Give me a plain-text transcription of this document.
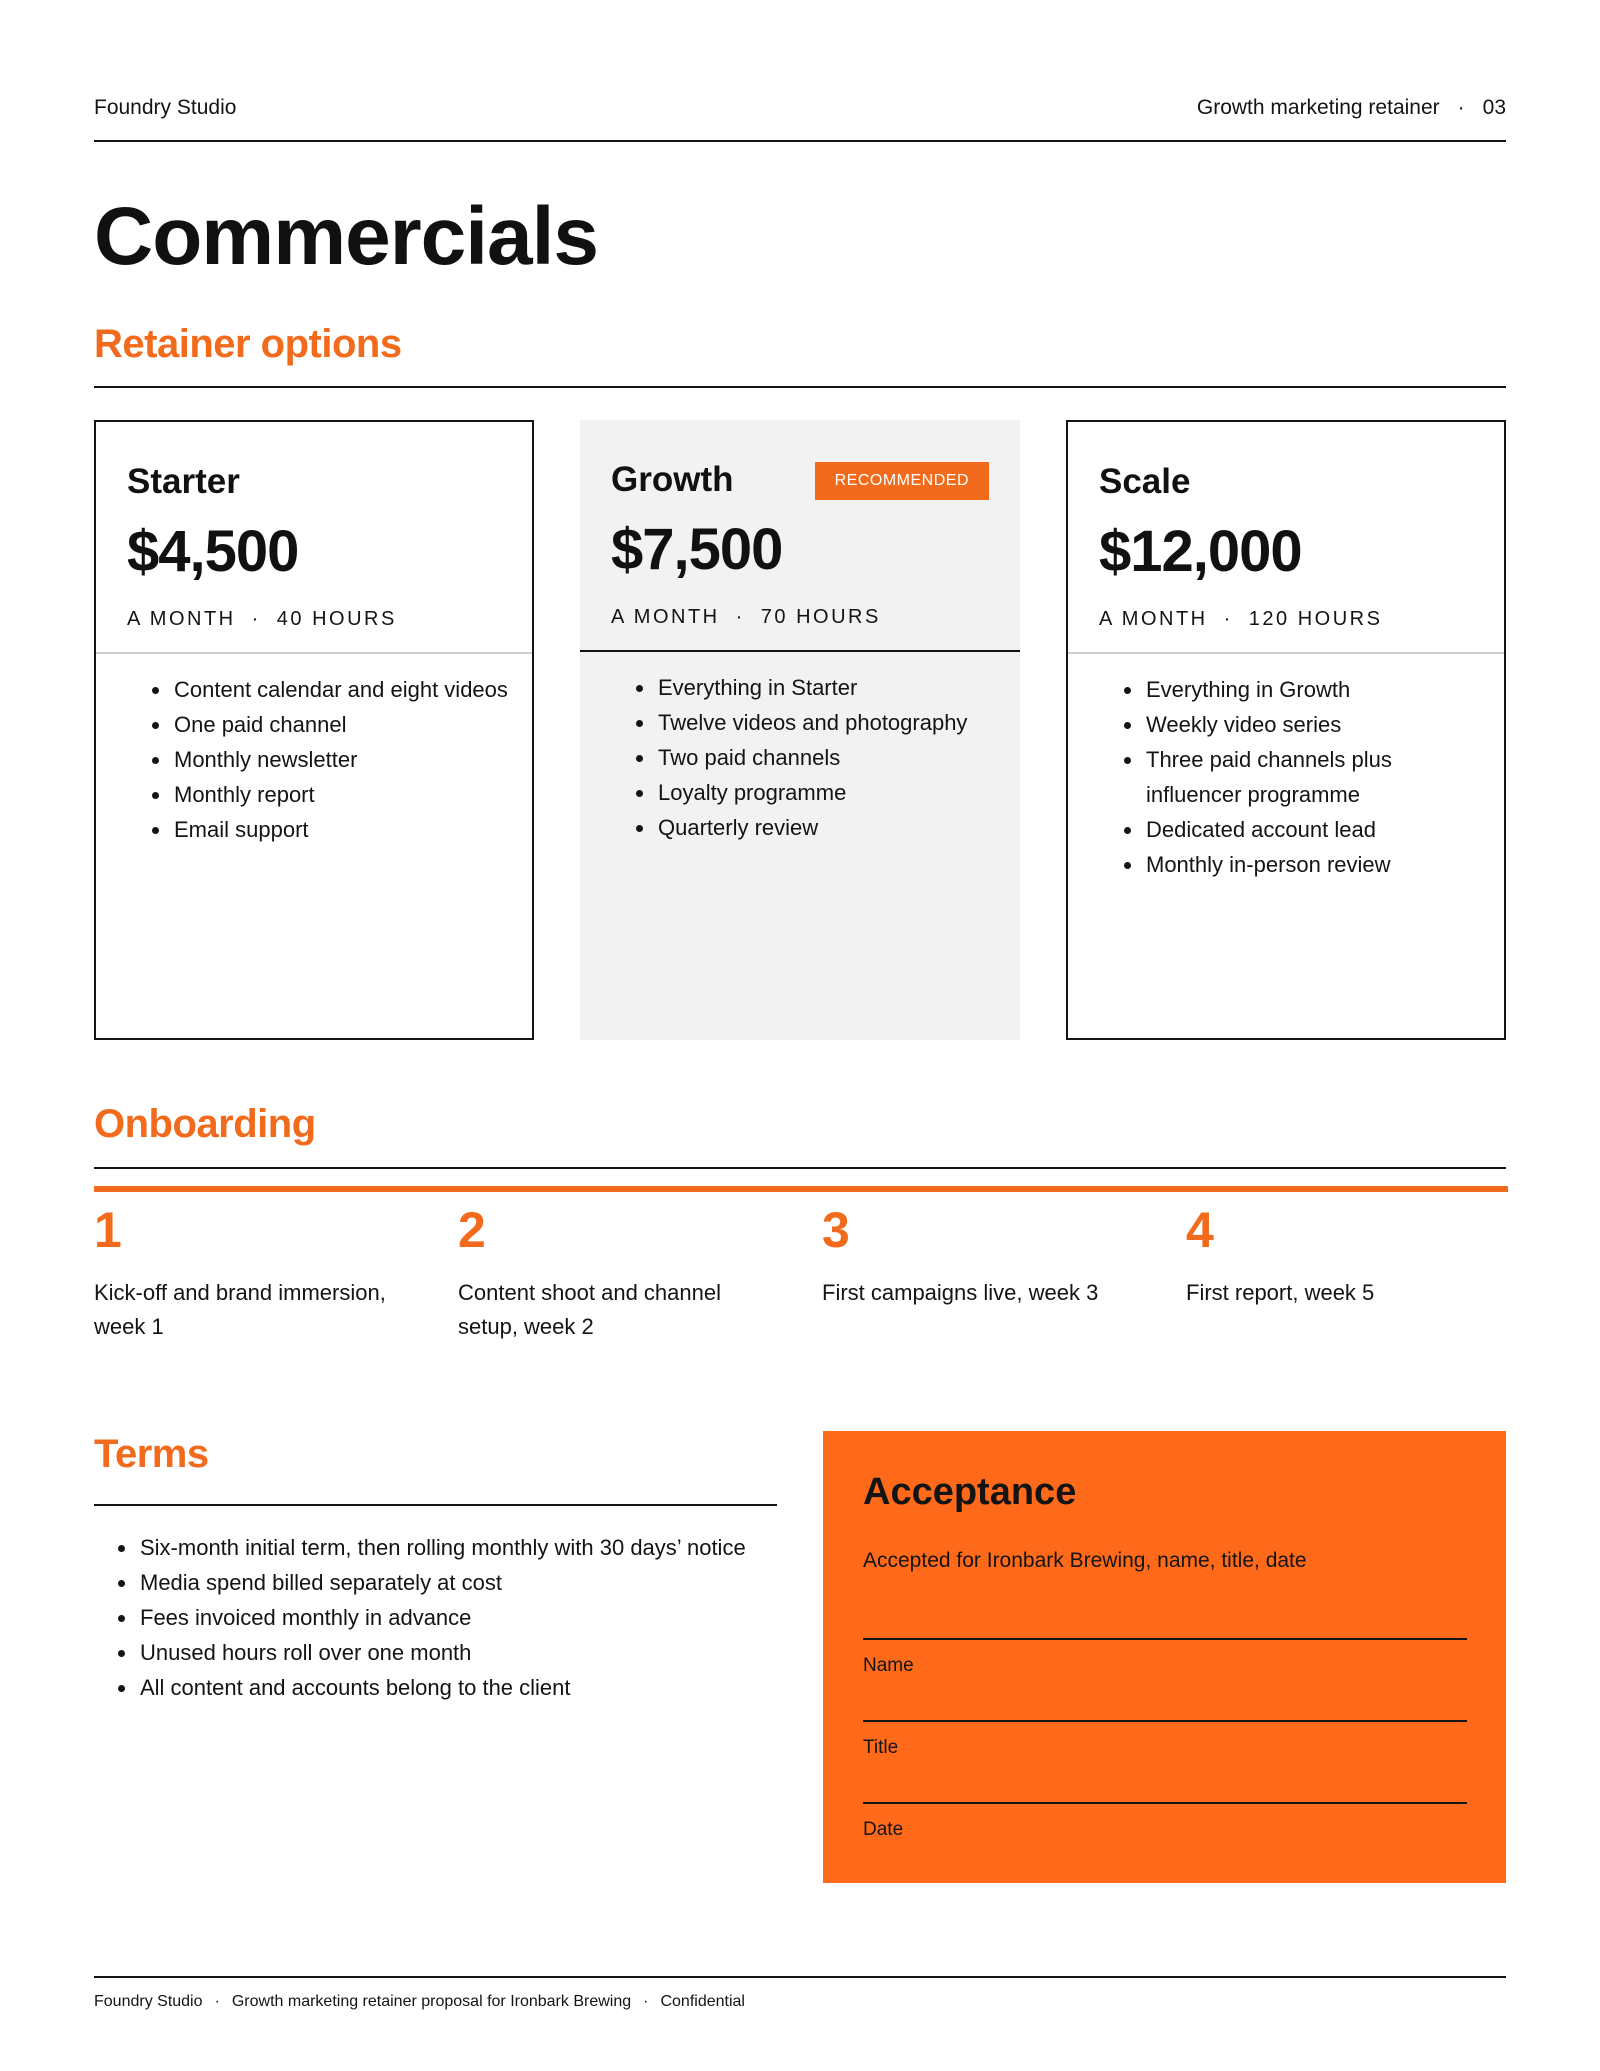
Foundry Studio	Growth marketing retainer · 03
Commercials
Retainer options
Starter
$4,500
A MONTH · 40 HOURS
Content calendar and eight videos
One paid channel
Monthly newsletter
Monthly report
Email support
Growth	RECOMMENDED
$7,500
A MONTH · 70 HOURS
Everything in Starter
Twelve videos and photography
Two paid channels
Loyalty programme
Quarterly review
Scale
$12,000
A MONTH · 120 HOURS
Everything in Growth
Weekly video series
Three paid channels plus influencer programme
Dedicated account lead
Monthly in-person review
Onboarding
1
Kick-off and brand immersion, week 1
2
Content shoot and channel setup, week 2
3
First campaigns live, week 3
4
First report, week 5
Terms
Six-month initial term, then rolling monthly with 30 days’ notice
Media spend billed separately at cost
Fees invoiced monthly in advance
Unused hours roll over one month
All content and accounts belong to the client
Acceptance
Accepted for Ironbark Brewing, name, title, date
Name
Title
Date
Foundry Studio · Growth marketing retainer proposal for Ironbark Brewing · Confidential
